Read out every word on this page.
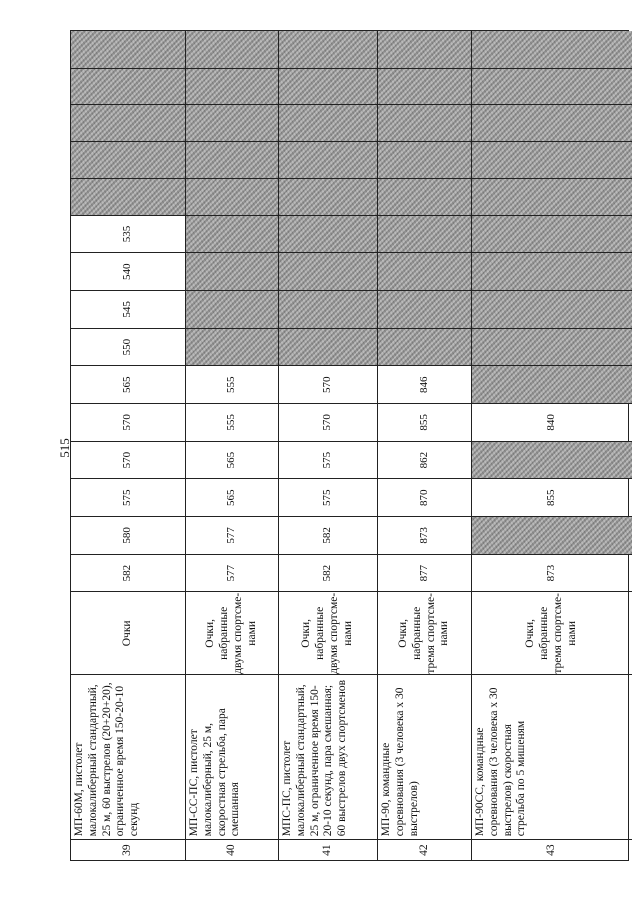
515
39
МП-60М, пистолет малокалиберный стандартный, 25 м, 60 выстрелов (20+20+20), ограниченное время 150-20-10 секунд
Очки
582
580
575
570
570
565
550
545
540
535
40
МП-СС-ПС, пистолет малокалиберный, 25 м, скоростная стрельба, пара смешанная
Очки, набранные двумя спортсме-нами
577
577
565
565
555
555
41
МПС-ПС, пистолет малокалиберный стандартный, 25 м, ограниченное время 150-20-10 секунд, пара смешанная; 60 выстрелов двух спортсменов
Очки, набранные двумя спортсме-нами
582
582
575
575
570
570
42
МП-90, командные соревнования (3 человека х 30 выстрелов)
Очки, набранные тремя спортсме-нами
877
873
870
862
855
846
43
МП-90СС, командные соревнования (3 человека х 30 выстрелов) скоростная стрельба по 5 мишеням
Очки, набранные тремя спортсме-нами
873
855
840
